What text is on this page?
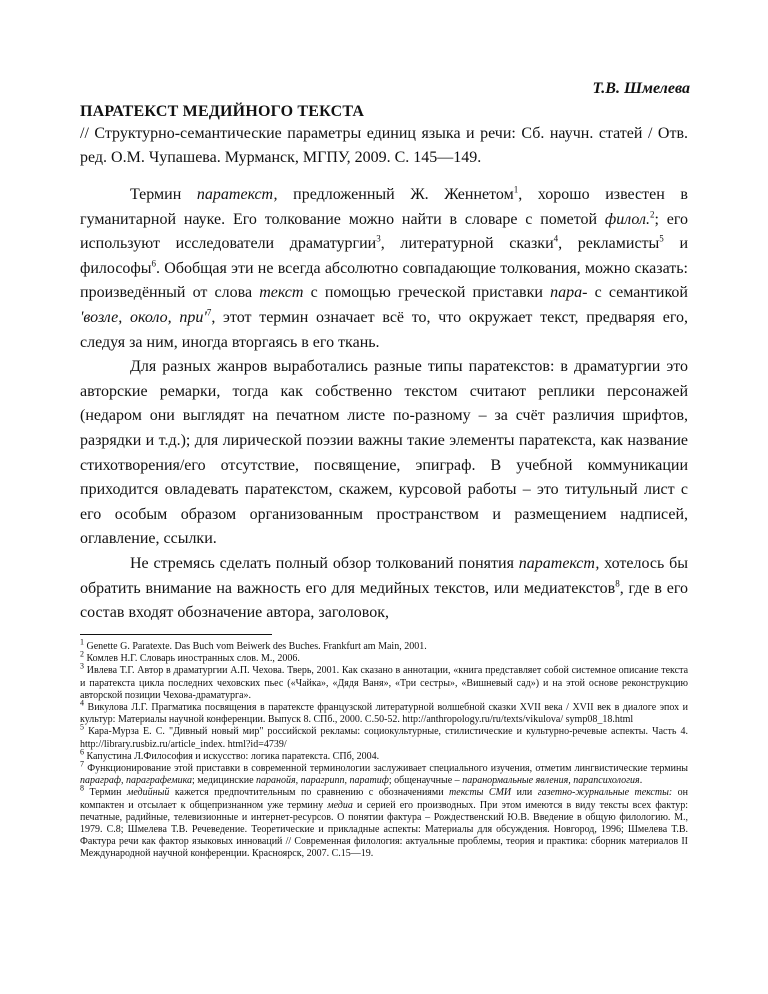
Т.В. Шмелева
ПАРАТЕКСТ МЕДИЙНОГО ТЕКСТА
// Структурно-семантические параметры единиц языка и речи: Сб. научн. статей / Отв. ред. О.М. Чупашева. Мурманск, МГПУ, 2009. С. 145—149.

Термин паратекст, предложенный Ж. Женнетом$^1$, хорошо известен в гуманитарной науке. Его толкование можно найти в словаре с пометой филол.$^2$; его используют исследователи драматургии$^3$, литературной сказки$^4$, рекламисты$^5$ и философы$^6$. Обобщая эти не всегда абсолютно совпадающие толкования, можно сказать: произведённый от слова текст с помощью греческой приставки пара- с семантикой 'возле, около, $при'^7$, этот термин означает всё то, что окружает текст, предваряя его, следуя за ним, иногда вторгаясь в его ткань.

Для разных жанров выработались разные типы паратекстов: в драматургии это авторские ремарки, тогда как собственно текстом считают реплики персонажей (недаром они выглядят на печатном листе по-разному – за счёт различия шрифтов, разрядки и т.д.); для лирической поэзии важны такие элементы паратекста, как название стихотворения/его отсутствие, посвящение, эпиграф. В учебной коммуникации приходится овладевать паратекстом, скажем, курсовой работы – это титульный лист с его особым образом организованным пространством и размещением надписей, оглавление, ссылки.

Не стремясь сделать полный обзор толкований понятия паратекст, хотелось бы обратить внимание на важность его для медийных текстов, или медиатекстов$^8$, где в его состав входят обозначение автора, заголовок,

$^1$ Genette G. Paratexte. Das Buch vom Beiwerk des Buches. Frankfurt am Main, 2001.

$^2$ Комлев Н.Г. Словарь иностранных слов. М., 2006.

$^3$ Ивлева Т.Г. Автор в драматургии А.П. Чехова. Тверь, 2001. Как сказано в аннотации, «книга представляет собой системное описание текста и паратекста цикла последних чеховских пьес («Чайка», «Дядя Ваня», «Три сестры», «Вишневый сад») и на этой основе реконструкцию авторской позиции Чехова-драматурга».

$^4$ Викулова Л.Г. Прагматика посвящения в паратексте французской литературной волшебной сказки XVII века / XVII век в диалоге эпох и культур: Материалы научной конференции. Выпуск 8. СПб., 2000. С.50-52. http://anthropology.ru/ru/texts/vikulova/ symp08_18.html

$^5$ Кара-Мурза Е. С. "Дивный новый мир" российской рекламы: социокультурные, стилистические и культурно-речевые аспекты. Часть 4. http://library.rusbiz.ru/article_index. html?id=4739/

$^6$ Капустина Л.Философия и искусство: логика паратекста. СПб, 2004.

$^7$ Функционирование этой приставки в современной терминологии заслуживает специального изучения, отметим лингвистические термины параграф, параграфемика; медицинские паранойя, парагрипп, паратиф; общенаучные – паранормальные явления, парапсихология.

$^8$ Термин медийный кажется предпочтительным по сравнению с обозначениями тексты СМИ или газетно-журнальные тексты: он компактен и отсылает к общепризнанном уже термину медиа и серией его производных. При этом имеются в виду тексты всех фактур: печатные, радийные, телевизионные и интернет-ресурсов. О понятии фактура – Рождественский Ю.В. Введение в общую филологию. М., 1979. С.8; Шмелева Т.В. Речеведение. Теоретические и прикладные аспекты: Материалы для обсуждения. Новгород, 1996; Шмелева Т.В. Фактура речи как фактор языковых инноваций // Современная филология: актуальные проблемы, теория и практика: сборник материалов II Международной научной конференции. Красноярск, 2007. С.15—19.
